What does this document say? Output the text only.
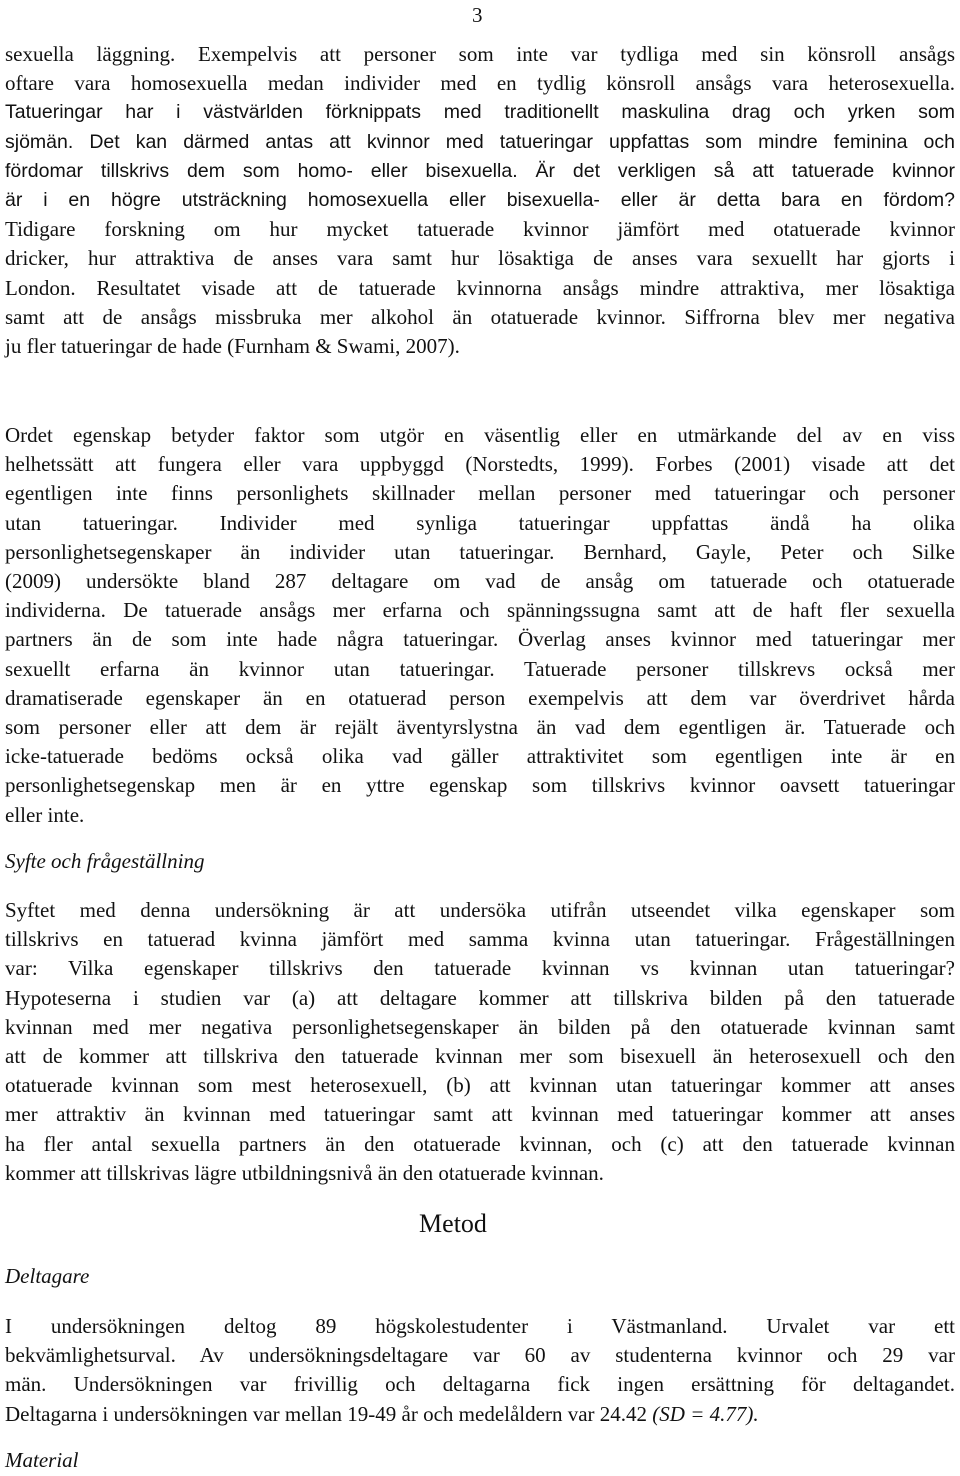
3
sexuella läggning. Exempelvis att personer som inte var tydliga med sin könsroll ansågs
oftare vara homosexuella medan individer med en tydlig könsroll ansågs vara heterosexuella.
Tatueringar har i västvärlden förknippats med traditionellt maskulina drag och yrken som
sjömän. Det kan därmed antas att kvinnor med tatueringar uppfattas som mindre feminina och
fördomar tillskrivs dem som homo- eller bisexuella. Är det verkligen så att tatuerade kvinnor
är i en högre utsträckning homosexuella eller bisexuella- eller är detta bara en fördom?
Tidigare forskning om hur mycket tatuerade kvinnor jämfört med otatuerade kvinnor
dricker, hur attraktiva de anses vara samt hur lösaktiga de anses vara sexuellt har gjorts i
London. Resultatet visade att de tatuerade kvinnorna ansågs mindre attraktiva, mer lösaktiga
samt att de ansågs missbruka mer alkohol än otatuerade kvinnor. Siffrorna blev mer negativa
ju fler tatueringar de hade (Furnham & Swami, 2007).
Ordet egenskap betyder faktor som utgör en väsentlig eller en utmärkande del av en viss
helhetssätt att fungera eller vara uppbyggd (Norstedts, 1999). Forbes (2001) visade att det
egentligen inte finns personlighets skillnader mellan personer med tatueringar och personer
utan tatueringar. Individer med synliga tatueringar uppfattas ändå ha olika
personlighetsegenskaper än individer utan tatueringar. Bernhard, Gayle, Peter och Silke
(2009) undersökte bland 287 deltagare om vad de ansåg om tatuerade och otatuerade
individerna. De tatuerade ansågs mer erfarna och spänningssugna samt att de haft fler sexuella
partners än de som inte hade några tatueringar. Överlag anses kvinnor med tatueringar mer
sexuellt erfarna än kvinnor utan tatueringar. Tatuerade personer tillskrevs också mer
dramatiserade egenskaper än en otatuerad person exempelvis att dem var överdrivet hårda
som personer eller att dem är rejält äventyrslystna än vad dem egentligen är. Tatuerade och
icke-tatuerade bedöms också olika vad gäller attraktivitet som egentligen inte är en
personlighetsegenskap men är en yttre egenskap som tillskrivs kvinnor oavsett tatueringar
eller inte.
Syfte och frågeställning
Syftet med denna undersökning är att undersöka utifrån utseendet vilka egenskaper som
tillskrivs en tatuerad kvinna jämfört med samma kvinna utan tatueringar. Frågeställningen
var: Vilka egenskaper tillskrivs den tatuerade kvinnan vs kvinnan utan tatueringar?
Hypoteserna i studien var (a) att deltagare kommer att tillskriva bilden på den tatuerade
kvinnan med mer negativa personlighetsegenskaper än bilden på den otatuerade kvinnan samt
att de kommer att tillskriva den tatuerade kvinnan mer som bisexuell än heterosexuell och den
otatuerade kvinnan som mest heterosexuell, (b) att kvinnan utan tatueringar kommer att anses
mer attraktiv än kvinnan med tatueringar samt att kvinnan med tatueringar kommer att anses
ha fler antal sexuella partners än den otatuerade kvinnan, och (c) att den tatuerade kvinnan
kommer att tillskrivas lägre utbildningsnivå än den otatuerade kvinnan.
Metod
Deltagare
I undersökningen deltog 89 högskolestudenter i Västmanland. Urvalet var ett
bekvämlighetsurval. Av undersökningsdeltagare var 60 av studenterna kvinnor och 29 var
män. Undersökningen var frivillig och deltagarna fick ingen ersättning för deltagandet.
Deltagarna i undersökningen var mellan 19-49 år och medelåldern var 24.42 (SD = 4.77).
Material
